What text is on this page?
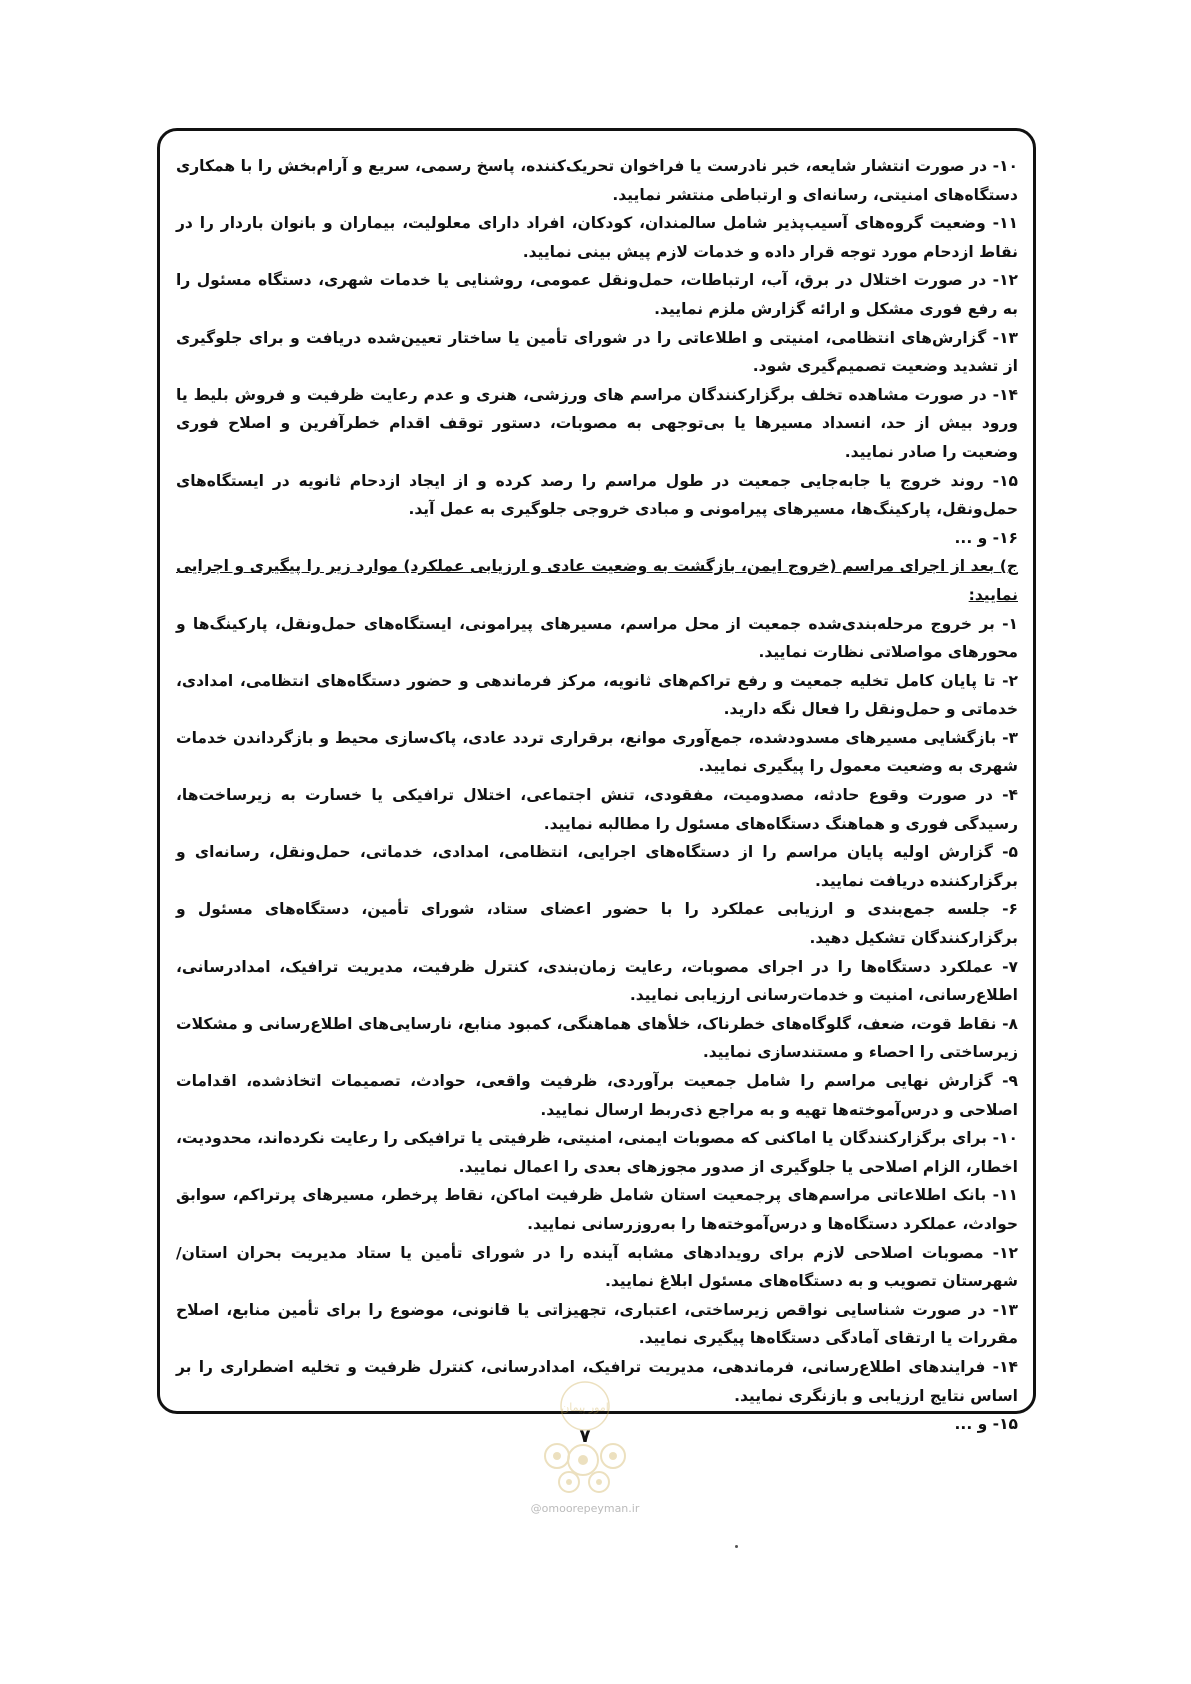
۱۰- در صورت انتشار شایعه، خبر نادرست یا فراخوان تحریک‌کننده، پاسخ رسمی، سریع و آرام‌بخش را با همکاری دستگاه‌های امنیتی، رسانه‌ای و ارتباطی منتشر نمایید.

۱۱- وضعیت گروه‌های آسیب‌پذیر شامل سالمندان، کودکان، افراد دارای معلولیت، بیماران و بانوان باردار را در نقاط ازدحام مورد توجه قرار داده و خدمات لازم پیش بینی نمایید.

۱۲- در صورت اختلال در برق، آب، ارتباطات، حمل‌ونقل عمومی، روشنایی یا خدمات شهری، دستگاه مسئول را به رفع فوری مشکل و ارائه گزارش ملزم نمایید.

۱۳- گزارش‌های انتظامی، امنیتی و اطلاعاتی را در شورای تأمین یا ساختار تعیین‌شده دریافت و برای جلوگیری از تشدید وضعیت تصمیم‌گیری شود.

۱۴- در صورت مشاهده تخلف برگزارکنندگان مراسم های ورزشی، هنری و عدم رعایت ظرفیت و فروش بلیط یا ورود بیش از حد، انسداد مسیرها یا بی‌توجهی به مصوبات، دستور توقف اقدام خطرآفرین و اصلاح فوری وضعیت را صادر نمایید.

۱۵- روند خروج یا جابه‌جایی جمعیت در طول مراسم را رصد کرده و از ایجاد ازدحام ثانویه در ایستگاه‌های حمل‌ونقل، پارکینگ‌ها، مسیرهای پیرامونی و مبادی خروجی جلوگیری به عمل آید.

۱۶- و ...

ج) بعد از اجرای مراسم (خروج ایمن، بازگشت به وضعیت عادی و ارزیابی عملکرد) موارد زیر را پیگیری و اجرایی نمایید:

۱- بر خروج مرحله‌بندی‌شده جمعیت از محل مراسم، مسیرهای پیرامونی، ایستگاه‌های حمل‌ونقل، پارکینگ‌ها و محورهای مواصلاتی نظارت نمایید.

۲- تا پایان کامل تخلیه جمعیت و رفع تراکم‌های ثانویه، مرکز فرماندهی و حضور دستگاه‌های انتظامی، امدادی، خدماتی و حمل‌ونقل را فعال نگه دارید.

۳- بازگشایی مسیرهای مسدودشده، جمع‌آوری موانع، برقراری تردد عادی، پاک‌سازی محیط و بازگرداندن خدمات شهری به وضعیت معمول را پیگیری نمایید.

۴- در صورت وقوع حادثه، مصدومیت، مفقودی، تنش اجتماعی، اختلال ترافیکی یا خسارت به زیرساخت‌ها، رسیدگی فوری و هماهنگ دستگاه‌های مسئول را مطالبه نمایید.

۵- گزارش اولیه پایان مراسم را از دستگاه‌های اجرایی، انتظامی، امدادی، خدماتی، حمل‌ونقل، رسانه‌ای و برگزارکننده دریافت نمایید.

۶- جلسه جمع‌بندی و ارزیابی عملکرد را با حضور اعضای ستاد، شورای تأمین، دستگاه‌های مسئول و برگزارکنندگان تشکیل دهید.

۷- عملکرد دستگاه‌ها را در اجرای مصوبات، رعایت زمان‌بندی، کنترل ظرفیت، مدیریت ترافیک، امدادرسانی، اطلاع‌رسانی، امنیت و خدمات‌رسانی ارزیابی نمایید.

۸- نقاط قوت، ضعف، گلوگاه‌های خطرناک، خلأهای هماهنگی، کمبود منابع، نارسایی‌های اطلاع‌رسانی و مشکلات زیرساختی را احصاء و مستندسازی نمایید.

۹- گزارش نهایی مراسم را شامل جمعیت برآوردی، ظرفیت واقعی، حوادث، تصمیمات اتخاذشده، اقدامات اصلاحی و درس‌آموخته‌ها تهیه و به مراجع ذی‌ربط ارسال نمایید.

۱۰- برای برگزارکنندگان یا اماکنی که مصوبات ایمنی، امنیتی، ظرفیتی یا ترافیکی را رعایت نکرده‌اند، محدودیت، اخطار، الزام اصلاحی یا جلوگیری از صدور مجوزهای بعدی را اعمال نمایید.

۱۱- بانک اطلاعاتی مراسم‌های پرجمعیت استان شامل ظرفیت اماکن، نقاط پرخطر، مسیرهای پرتراکم، سوابق حوادث، عملکرد دستگاه‌ها و درس‌آموخته‌ها را به‌روزرسانی نمایید.

۱۲- مصوبات اصلاحی لازم برای رویدادهای مشابه آینده را در شورای تأمین یا ستاد مدیریت بحران استان/شهرستان تصویب و به دستگاه‌های مسئول ابلاغ نمایید.

۱۳- در صورت شناسایی نواقص زیرساختی، اعتباری، تجهیزاتی یا قانونی، موضوع را برای تأمین منابع، اصلاح مقررات یا ارتقای آمادگی دستگاه‌ها پیگیری نمایید.

۱۴- فرایندهای اطلاع‌رسانی، فرماندهی، مدیریت ترافیک، امدادرسانی، کنترل ظرفیت و تخلیه اضطراری را بر اساس نتایج ارزیابی و بازنگری نمایید.

۱۵- و ...

امور پیمان
۷
@omoorepeyman.ir
